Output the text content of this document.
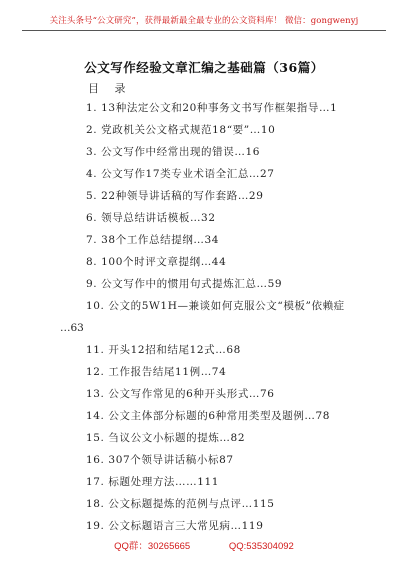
关注头条号“公文研究”，获得最新最全最专业的公文资料库！ 微信：gongwenyj
公文写作经验文章汇编之基础篇（36篇）
目 录
1. 13种法定公文和20种事务文书写作框架指导…1
2. 党政机关公文格式规范18“要”…10
3. 公文写作中经常出现的错误…16
4. 公文写作17类专业术语全汇总…27
5. 22种领导讲话稿的写作套路…29
6. 领导总结讲话模板…32
7. 38个工作总结提纲…34
8. 100个时评文章提纲…44
9. 公文写作中的惯用句式提炼汇总…59
10. 公文的5W1H—兼谈如何克服公文“模板”依赖症
…63
11. 开头12招和结尾12式…68
12. 工作报告结尾11例…74
13. 公文写作常见的6种开头形式…76
14. 公文主体部分标题的6种常用类型及题例…78
15. 刍议公文小标题的提炼…82
16. 307个领导讲话稿小标87
17. 标题处理方法……111
18. 公文标题提炼的范例与点评…115
19. 公文标题语言三大常见病…119
QQ群：30265665	QQ:535304092
